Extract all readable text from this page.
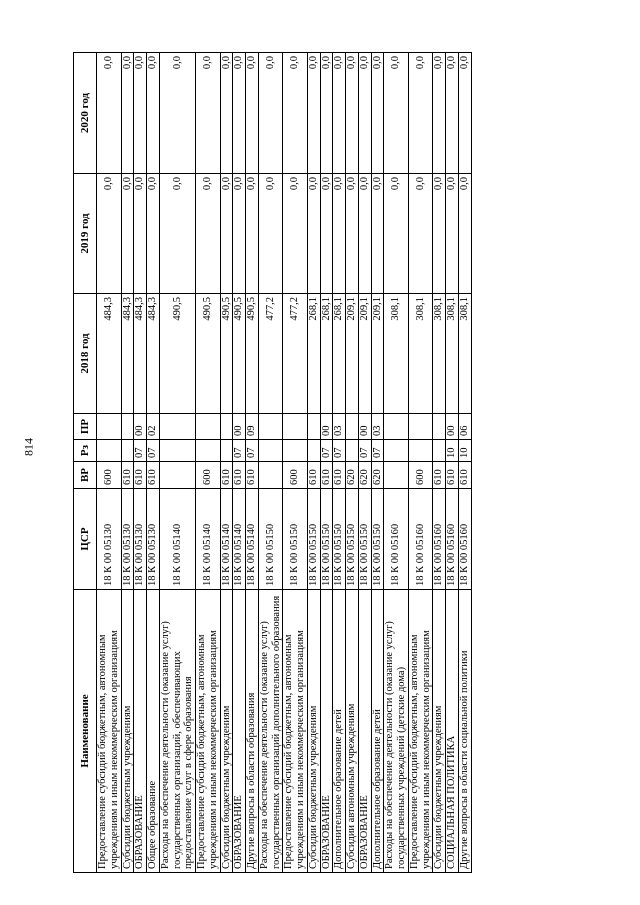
814
Наименование	ЦСР	ВР	Рз	ПР	2018 год	2019 год	2020 год
Предоставление субсидий бюджетным, автономным учреждениям и иным некоммерческим организациям	18 К 00 05130	600			484,3	0,0	0,0
Субсидии бюджетным учреждениям	18 К 00 05130	610			484,3	0,0	0,0
ОБРАЗОВАНИЕ	18 К 00 05130	610	07	00	484,3	0,0	0,0
Общее образование	18 К 00 05130	610	07	02	484,3	0,0	0,0
Расходы на обеспечение деятельности (оказание услуг) государственных организаций, обеспечивающих предоставление услуг в сфере образования	18 К 00 05140				490,5	0,0	0,0
Предоставление субсидий бюджетным, автономным учреждениям и иным некоммерческим организациям	18 К 00 05140	600			490,5	0,0	0,0
Субсидии бюджетным учреждениям	18 К 00 05140	610			490,5	0,0	0,0
ОБРАЗОВАНИЕ	18 К 00 05140	610	07	00	490,5	0,0	0,0
Другие вопросы в области образования	18 К 00 05140	610	07	09	490,5	0,0	0,0
Расходы на обеспечение деятельности (оказание услуг) государственных организаций дополнительного образования	18 К 00 05150				477,2	0,0	0,0
Предоставление субсидий бюджетным, автономным учреждениям и иным некоммерческим организациям	18 К 00 05150	600			477,2	0,0	0,0
Субсидии бюджетным учреждениям	18 К 00 05150	610			268,1	0,0	0,0
ОБРАЗОВАНИЕ	18 К 00 05150	610	07	00	268,1	0,0	0,0
Дополнительное образование детей	18 К 00 05150	610	07	03	268,1	0,0	0,0
Субсидии автономным учреждениям	18 К 00 05150	620			209,1	0,0	0,0
ОБРАЗОВАНИЕ	18 К 00 05150	620	07	00	209,1	0,0	0,0
Дополнительное образование детей	18 К 00 05150	620	07	03	209,1	0,0	0,0
Расходы на обеспечение деятельности (оказание услуг) государственных учреждений (детские дома)	18 К 00 05160				308,1	0,0	0,0
Предоставление субсидий бюджетным, автономным учреждениям и иным некоммерческим организациям	18 К 00 05160	600			308,1	0,0	0,0
Субсидии бюджетным учреждениям	18 К 00 05160	610			308,1	0,0	0,0
СОЦИАЛЬНАЯ ПОЛИТИКА	18 К 00 05160	610	10	00	308,1	0,0	0,0
Другие вопросы в области социальной политики	18 К 00 05160	610	10	06	308,1	0,0	0,0
